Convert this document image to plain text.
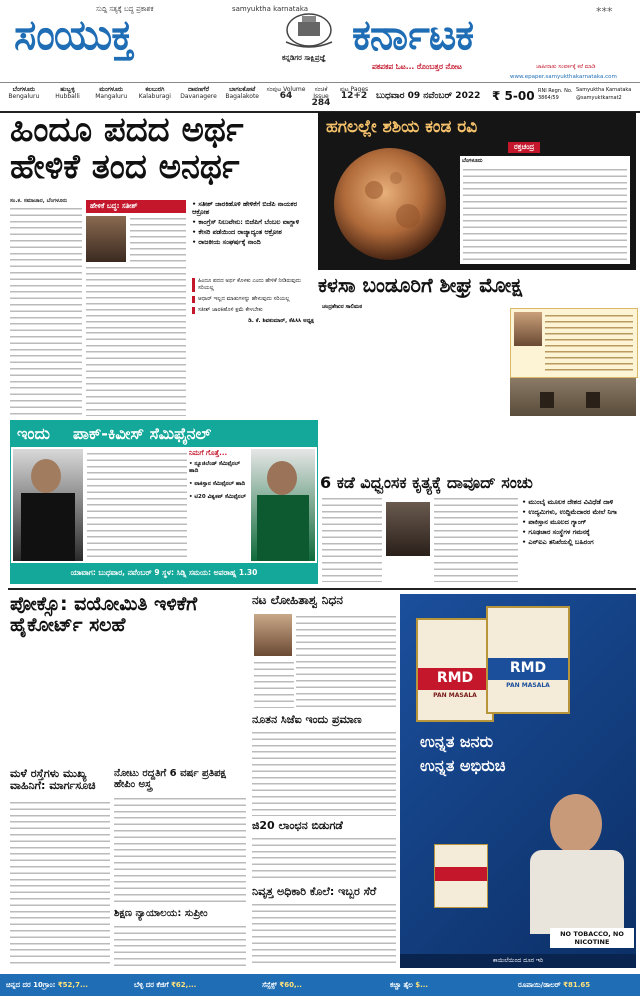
ಸುದ್ದಿ ಸತ್ಯಕ್ಕೆ ಬದ್ಧ ಪ್ರಕಾಶಕ	samyuktha karnataka
ಸಂಯುಕ್ತ	ಕನ್ನಡಿಗರ ಸಾಕ್ಷಿಪ್ರಜ್ಞೆ ಕರ್ನಾಟಕ	***
ಪಕಪಕಪ ಓಟ... ರೊಂಬತ್ತರ ನೋಟ	ಜಾಹೀರಾತು ಸಂಪರ್ಕಕ್ಕೆ ಕರೆ ಮಾಡಿ
ಬೆಂಗಳೂರು
Bengaluru
ಹುಬ್ಬಳ್ಳಿ
Hubballi
ಮಂಗಳೂರು
Mangaluru
ಕಲಬುರಗಿ
Kalaburagi
ದಾವಣಗೆರೆ
Davanagere
ಬಾಗಲಕೋಟೆ
Bagalakote
ಸಂಪುಟ Volume
64
ಸಂಚಿಕೆ Issue
284
ಪುಟ Pages
12+2 ಬುಧವಾರ 09 ನವೆಂಬರ್ 2022 ₹ 5-00 RNI Regn. No. 3864/59
www.epaper.samyukthakarnataka.com
Samyuktha Karnataka
@samyuktkarnat2
ಹಿಂದೂ ಪದದ ಅರ್ಥ ಹೇಳಿಕೆ ತಂದ ಅನರ್ಥ
ಸಂ.ಕ. ಸಮಾಚಾರ, ಬೆಂಗಳೂರು
ಹೇಳಿಕೆ ಬದ್ಧ: ಸತೀಶ್	• ಸತೀಶ್ ಜಾರಕಿಹೊಳಿ ಹೇಳಿಕೆಗೆ ಬಿಜೆಪಿ ನಾಯಕರ ಆಕ್ರೋಶ
• ಕಾಂಗ್ರೆಸ್ ನಿಲುವೇನು: ಬಿಜೆಪಿಗೆ ಬೆಂಬಲ ವಾಗ್ದಾಳಿ
• ಕೇಸರಿ ಪಡೆಯಿಂದ ರಾಜ್ಯಾದ್ಯಂತ ಆಕ್ರೋಶ
• ರಾಜಕೀಯ ಸಂಘರ್ಷಕ್ಕೆ ನಾಂದಿ
ಹಿಂದೂ ಪದದ ಅರ್ಥ ಕೊಳಕು ಎಂದು ಹೇಳಿಕೆ ನೀಡಿರುವುದು ಸರಿಯಲ್ಲ
ಆಧಾರ್ ಇಲ್ಲದ ಮಾತುಗಳನ್ನು ಹೇಳುವುದು ಸರಿಯಲ್ಲ
ಸತೀಶ್ ಜಾರಕಿಹೊಳಿ ಕ್ಷಮೆ ಕೇಳಬೇಕು
ಡಿ. ಕೆ. ಶಿವಕುಮಾರ್, ಕೆಪಿಸಿಸಿ ಅಧ್ಯಕ್ಷ
ಹಗಲಲ್ಲೇ ಶಶಿಯ ಕಂಡ ರವಿ
ರಕ್ತಚಂದ್ರ
ಬೆಂಗಳೂರು
ಕಳಸಾ ಬಂಡೂರಿಗೆ ಶೀಘ್ರ ಮೋಕ್ಷ
ಚಂದ್ರಶೇಖರ ಸಾಲಿಮಠ
ಇಂದು ಪಾಕ್-ಕಿವೀಸ್ ಸೆಮಿಫೈನಲ್
ನಿಮಗೆ ಗೊತ್ತೆ...
• ನ್ಯೂಜಿಲೆಂಡ್ ಸೆಮಿಫೈನಲ್ ಹಾದಿ
• ಪಾಕಿಸ್ತಾನ ಸೆಮಿಫೈನಲ್ ಹಾದಿ
• ಟಿ20 ವಿಶ್ವಕಪ್ ಸೆಮಿಫೈನಲ್
ಯಾವಾಗ: ಬುಧವಾರ, ನವೆಂಬರ್ 9 ಸ್ಥಳ: ಸಿಡ್ನಿ ಸಮಯ: ಅಪರಾಹ್ನ 1.30
6 ಕಡೆ ವಿಧ್ವಂಸಕ ಕೃತ್ಯಕ್ಕೆ ದಾವೂದ್ ಸಂಚು
• ಮುಂಬೈ ಮೂಲಕ ದೇಶದ ವಿವಿಧೆಡೆ ದಾಳಿ
• ಉದ್ಯಮಿಗಳು, ಉದ್ದಿಮೆದಾರರ ಮೇಲೆ ನಿಗಾ
• ಪಾಕಿಸ್ತಾನ ಮೂಲದ ಗ್ಯಾಂಗ್
• ಗೂಢಚಾರ ಸಂಸ್ಥೆಗಳ ಗಮನಕ್ಕೆ
• ಎನ್‌ಐಎ ತನಿಖೆಯಲ್ಲಿ ಬಹಿರಂಗ
ಪೋಕ್ಸೊ: ವಯೋಮಿತಿ ಇಳಿಕೆಗೆ ಹೈಕೋರ್ಟ್ ಸಲಹೆ
ಮಳೆ ರಸ್ತೆಗಳು ಮುಖ್ಯ ವಾಹಿನಿಗೆ: ಮಾರ್ಗಸೂಚಿ
ನೋಟು ರದ್ದತಿಗೆ 6 ವರ್ಷ ಪ್ರತಿಪಕ್ಷ ಹೇಪಿಂ ಅಸ್ತ್ರ
ಶಿಕ್ಷಣ ನ್ಯಾಯಾಲಯ: ಸುಪ್ರೀಂ
ನಟ ಲೋಹಿತಾಶ್ವ ನಿಧನ
ನೂತನ ಸಿಜೆಐ ಇಂದು ಪ್ರಮಾಣ
ಜಿ20 ಲಾಂಛನ ಬಿಡುಗಡೆ
ನಿವೃತ್ತ ಅಧಿಕಾರಿ ಕೊಲೆ: ಇಬ್ಬರ ಸೆರೆ
RMD
PAN MASALA
RMD
PAN MASALA
ಉನ್ನತ ಜನರು
ಉನ್ನತ ಅಭಿರುಚಿ
NO TOBACCO, NO NICOTINE
ಕಾಯಿಲೆಯಿಂದ ದೂರ ಇರಿ
ಚಿನ್ನದ ದರ 10ಗ್ರಾಂ: ₹52,7...	ಬೆಳ್ಳಿ ದರ ಕೆಜಿಗೆ ₹62,...	ಸೆನ್ಸೆಕ್ಸ್ ₹60,..	ಕಚ್ಚಾ ತೈಲ $...	ರೂಪಾಯಿ/ಡಾಲರ್ ₹81.65
